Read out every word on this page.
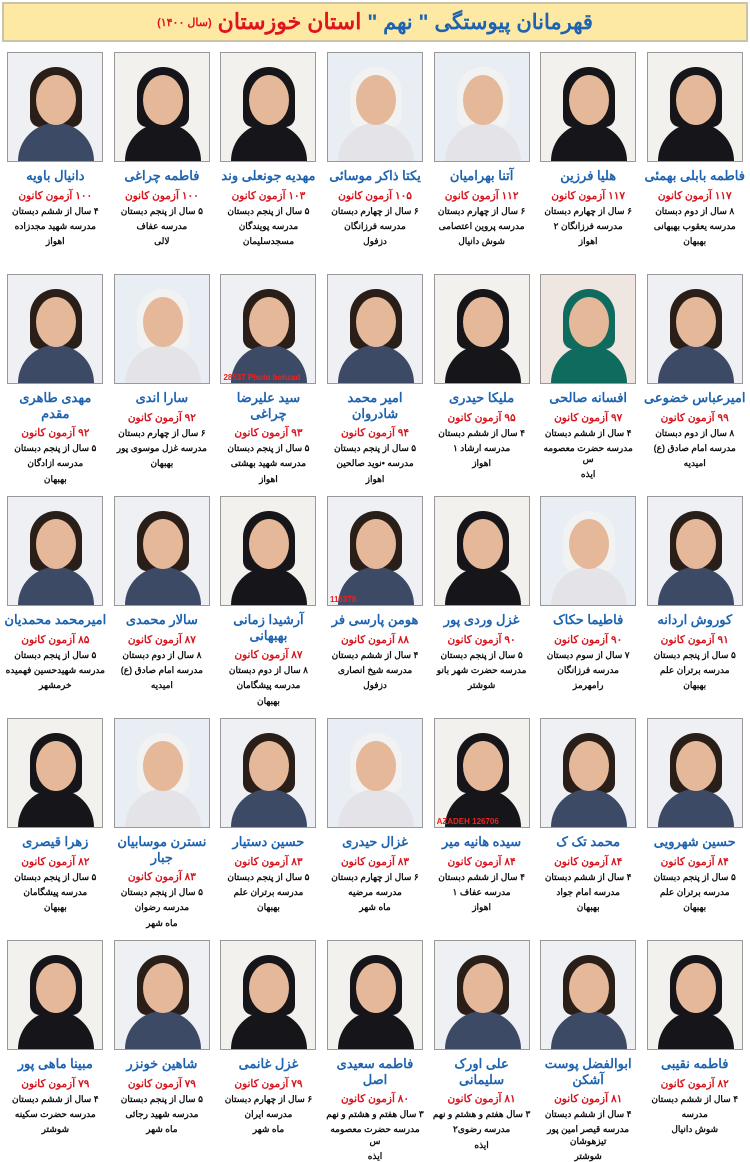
قهرمانان پیوستگی
" نهم "
استان خوزستان
(سال ۱۴۰۰)
فاطمه بابلی بهمئی
۱۱۷ آزمون کانون
۸ سال از دوم دبستان
مدرسه یعقوب بهبهانی
بهبهان
هلیا فرزین
۱۱۷ آزمون کانون
۶ سال از چهارم دبستان
مدرسه فرزانگان ۲
اهواز
آتنا بهرامیان
۱۱۲ آزمون کانون
۶ سال از چهارم دبستان
مدرسه پروین اعتصامی
شوش دانیال
یکتا ذاکر موسائی
۱۰۵ آزمون کانون
۶ سال از چهارم دبستان
مدرسه فرزانگان
دزفول
مهدیه جونعلی وند
۱۰۳ آزمون کانون
۵ سال از پنجم دبستان
مدرسه پویندگان
مسجدسلیمان
فاطمه چراغی
۱۰۰ آزمون کانون
۵ سال از پنجم دبستان
مدرسه عفاف
لالی
دانیال باویه
۱۰۰ آزمون کانون
۴ سال از ششم دبستان
مدرسه شهید مجدزاده
اهواز
امیرعباس خضوعی
۹۹ آزمون کانون
۸ سال از دوم دبستان
مدرسه امام صادق (ع)
امیدیه
افسانه صالحی
۹۷ آزمون کانون
۴ سال از ششم دبستان
مدرسه حضرت معصومه س
ایذه
ملیکا حیدری
۹۵ آزمون کانون
۴ سال از ششم دبستان
مدرسه ارشاد ۱
اهواز
امیر محمد شادروان
۹۴ آزمون کانون
۵ سال از پنجم دبستان
مدرسه •نوید صالحین
اهواز
28537 Photo behzad
سید علیرضا چراغی
۹۳ آزمون کانون
۵ سال از پنجم دبستان
مدرسه شهید بهشتی
اهواز
سارا اندی
۹۲ آزمون کانون
۶ سال از چهارم دبستان
مدرسه غزل موسوی پور
بهبهان
مهدی طاهری مقدم
۹۲ آزمون کانون
۵ سال از پنجم دبستان
مدرسه ازادگان
بهبهان
کوروش اردانه
۹۱ آزمون کانون
۵ سال از پنجم دبستان
مدرسه برتران علم
بهبهان
فاطیما حکاک
۹۰ آزمون کانون
۷ سال از سوم دبستان
مدرسه فرزانگان
رامهرمز
غزل وردی پور
۹۰ آزمون کانون
۵ سال از پنجم دبستان
مدرسه حضرت شهر بانو
شوشتر
116378
هومن پارسی فر
۸۸ آزمون کانون
۴ سال از ششم دبستان
مدرسه شیخ انصاری
دزفول
آرشیدا زمانی بهبهانی
۸۷ آزمون کانون
۸ سال از دوم دبستان
مدرسه پیشگامان
بهبهان
سالار محمدی
۸۷ آزمون کانون
۸ سال از دوم دبستان
مدرسه امام صادق (ع)
امیدیه
امیرمحمد محمدیان
۸۵ آزمون کانون
۵ سال از پنجم دبستان
مدرسه شهیدحسین فهمیده
خرمشهر
حسین شهرویی
۸۴ آزمون کانون
۵ سال از پنجم دبستان
مدرسه برتران علم
بهبهان
محمد تک ک
۸۴ آزمون کانون
۴ سال از ششم دبستان
مدرسه امام جواد
بهبهان
AZADEH 126706
سیده هانیه میر
۸۴ آزمون کانون
۴ سال از ششم دبستان
مدرسه عفاف ۱
اهواز
غزال حیدری
۸۳ آزمون کانون
۶ سال از چهارم دبستان
مدرسه مرضیه
ماه شهر
حسین دستیار
۸۳ آزمون کانون
۵ سال از پنجم دبستان
مدرسه برتران علم
بهبهان
نسترن موسابیان جبار
۸۳ آزمون کانون
۵ سال از پنجم دبستان
مدرسه رضوان
ماه شهر
زهرا قیصری
۸۲ آزمون کانون
۵ سال از پنجم دبستان
مدرسه پیشگامان
بهبهان
فاطمه نقیبی
۸۲ آزمون کانون
۴ سال از ششم دبستان
مدرسه
شوش دانیال
ابوالفضل پوست آشکن
۸۱ آزمون کانون
۴ سال از ششم دبستان
مدرسه قیصر امین پور تیزهوشان
شوشتر
علی اورک سلیمانی
۸۱ آزمون کانون
۳ سال هفتم و هشتم و نهم
مدرسه رضوی۲
ایذه
فاطمه سعیدی اصل
۸۰ آزمون کانون
۳ سال هفتم و هشتم و نهم
مدرسه حضرت معصومه س
ایذه
غزل غانمی
۷۹ آزمون کانون
۶ سال از چهارم دبستان
مدرسه ایران
ماه شهر
شاهین خونزر
۷۹ آزمون کانون
۵ سال از پنجم دبستان
مدرسه شهید رجائی
ماه شهر
مبینا ماهی پور
۷۹ آزمون کانون
۴ سال از ششم دبستان
مدرسه حضرت سکینه
شوشتر
